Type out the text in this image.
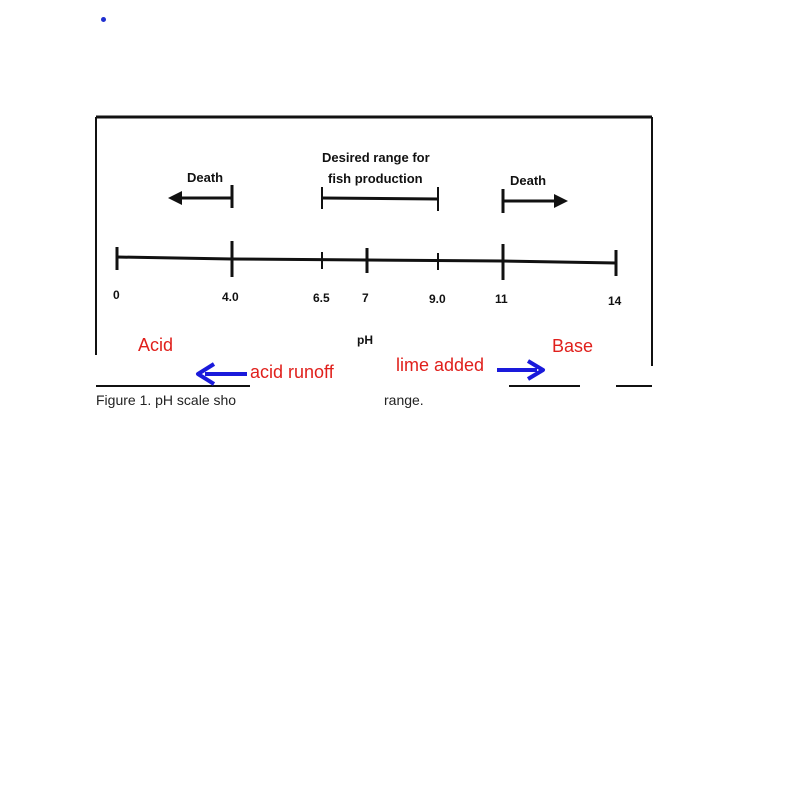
Death
Desired range for
fish production	Death
0	4.0	6.5	7	9.0	11	14
pH
Acid	Base
acid runoff	lime added
Figure 1. pH scale sho	range.
